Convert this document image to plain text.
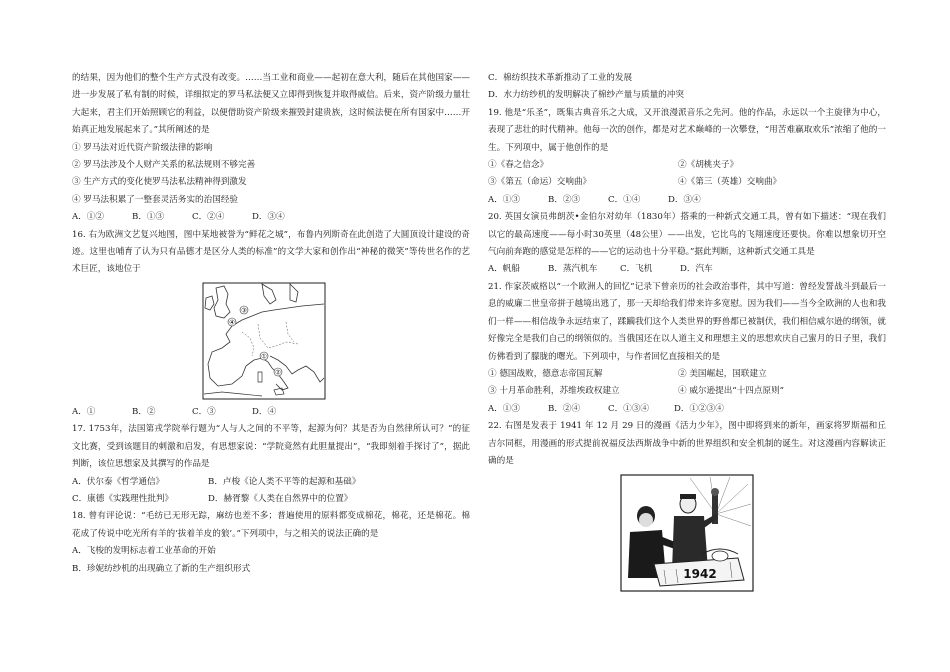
的结果，因为他们的整个生产方式没有改变。……当工业和商业——起初在意大利，随后在其他国家——进一步发展了私有制的时候，详细拟定的罗马私法便又立即得到恢复并取得威信。后来，资产阶级力量壮大起来，君主们开始照顾它的利益，以便借助资产阶级来摧毁封建贵族，这时候法便在所有国家中……开始真正地发展起来了。”其所阐述的是
① 罗马法对近代资产阶级法律的影响
② 罗马法涉及个人财产关系的私法规则不够完善
③ 生产方式的变化使罗马法私法精神得到激发
④ 罗马法积累了一整套灵活务实的治国经验
A．①②	B．①③	C．②④	D．③④
16. 右为欧洲文艺复兴地图，图中某地被誉为“鲜花之城”，布鲁内列斯奇在此创造了大圆顶设计建设的奇迹。这里也哺育了认为只有品德才是区分人类的标准”的文学大家和创作出“神秘的微笑”等传世名作的艺术巨匠，该地位于
③
④
①
②
A．①	B．②	C．③	D．④
17. 1753年，法国第戎学院举行题为“人与人之间的不平等，起源为何？其是否为自然律所认可？”的征文比赛，受到该题目的刺激和启发，有思想家说：“学院竟然有此胆量提出”，“我即刻着手探讨了”，据此判断，该位思想家及其撰写的作品是
A．伏尔泰《哲学通信》	B．卢梭《论人类不平等的起源和基础》
C．康德《实践理性批判》	D．赫胥黎《人类在自然界中的位置》
18. 曾有评论说：“毛纺已无形无踪，麻纺也差不多；普遍使用的原料都变成棉花，棉花，还是棉花。棉花成了传说中吃光所有羊的‘拔着羊皮的狼’。”下列项中，与之相关的说法正确的是
A．飞梭的发明标志着工业革命的开始
B．珍妮纺纱机的出现确立了新的生产组织形式
C．棉纺织技术革新推动了工业的发展
D．水力纺纱机的发明解决了棉纱产量与质量的冲突
19. 他是“乐圣”，既集古典音乐之大成，又开浪漫派音乐之先河。他的作品，永远以一个主旋律为中心，表现了悲壮的时代精神。他每一次的创作，都是对艺术巅峰的一次攀登，“用苦难赢取欢乐”浓缩了他的一生。下列项中，属于他创作的是
①《春之信念》	②《胡桃夹子》
③《第五（命运）交响曲》	④《第三（英雄）交响曲》
A．①③	B．②③	C．①④	D．③④
20. 英国女演员弗朗茨•金伯尔对幼年（1830年）搭乘的一种新式交通工具，曾有如下描述：“现在我们以它的最高速度——每小时30英里（48公里）——出发，它比鸟的飞翔速度还要快。你难以想象切开空气向前奔跑的感觉是怎样的——它的运动也十分平稳。”据此判断，这种新式交通工具是
A．帆船	B．蒸汽机车	C．飞机	D．汽车
21. 作家茨威格以“一个欧洲人的回忆”记录下曾亲历的社会政治事件，其中写道：曾经发誓战斗到最后一息的威廉二世皇帝拼于越境出逃了，那一天却给我们带来许多宽慰。因为我们——当今全欧洲的人也和我们一样——相信战争永远结束了，蹂躏我们这个人类世界的野兽都已被制伏，我们相信威尔逊的纲领，就好像完全是我们自己的纲领似的。当俄国还在以人道主义和理想主义的思想欢庆自己蜜月的日子里，我们仿佛看到了朦胧的曙光。下列项中，与作者回忆直接相关的是
① 德国战败，德意志帝国瓦解	② 美国崛起，国联建立
③ 十月革命胜利，苏维埃政权建立	④ 威尔逊提出“十四点原则”
A．①③	B．②④	C．①③④	D．①②③④
22. 右图是发表于 1941 年 12 月 29 日的漫画《活力少年》，图中即将到来的新年，画家将罗斯福和丘吉尔同框，用漫画的形式提前祝福反法西斯战争中新的世界组织和安全机制的诞生。对这漫画内容解读正确的是
1942
